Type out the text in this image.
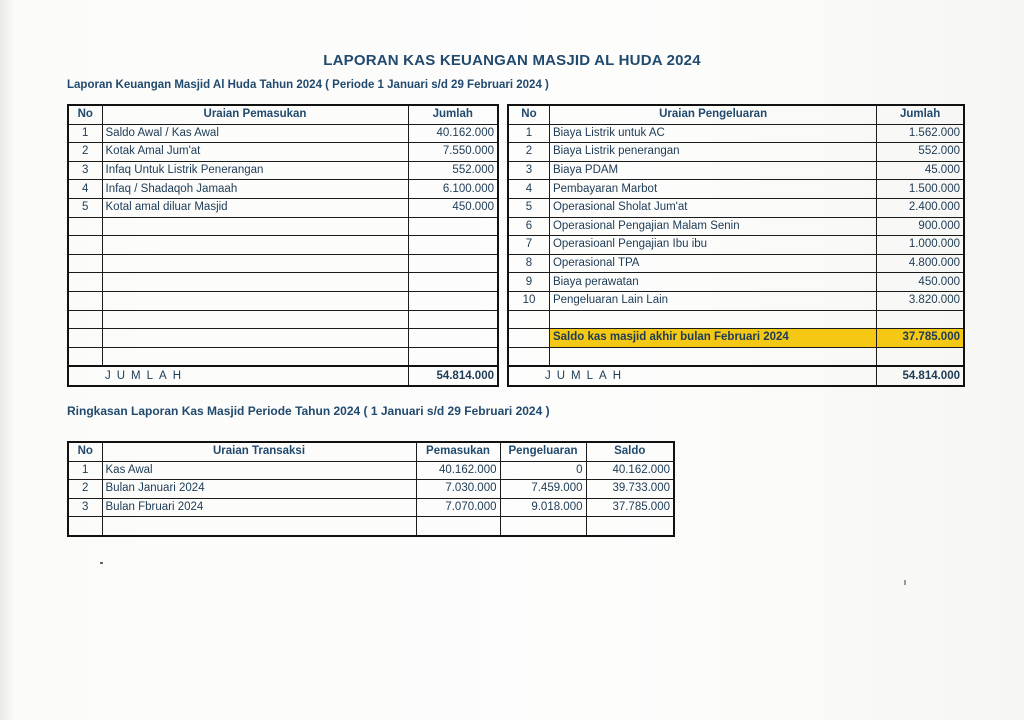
LAPORAN KAS KEUANGAN MASJID AL HUDA 2024
Laporan Keuangan Masjid Al Huda Tahun 2024 ( Periode 1 Januari s/d 29 Februari 2024 )
No	Uraian Pemasukan	Jumlah
1	Saldo Awal / Kas Awal	40.162.000
2	Kotak Amal Jum'at	7.550.000
3	Infaq Untuk Listrik Penerangan	552.000
4	Infaq / Shadaqoh Jamaah	6.100.000
5	Kotal amal diluar Masjid	450.000

JUMLAH		54.814.000
No	Uraian Pengeluaran	Jumlah
1	Biaya Listrik untuk AC	1.562.000
2	Biaya Listrik penerangan	552.000
3	Biaya PDAM	45.000
4	Pembayaran Marbot	1.500.000
5	Operasional Sholat Jum'at	2.400.000
6	Operasional Pengajian Malam Senin	900.000
7	Operasioanl Pengajian Ibu ibu	1.000.000
8	Operasional TPA	4.800.000
9	Biaya perawatan	450.000
10	Pengeluaran Lain Lain	3.820.000

	Saldo kas masjid akhir bulan Februari 2024	37.785.000

JUMLAH		54.814.000
Ringkasan Laporan Kas Masjid Periode Tahun 2024 ( 1 Januari s/d 29 Februari 2024 )
No	Uraian Transaksi	Pemasukan	Pengeluaran	Saldo
1	Kas Awal	40.162.000	0	40.162.000
2	Bulan Januari 2024	7.030.000	7.459.000	39.733.000
3	Bulan Fbruari 2024	7.070.000	9.018.000	37.785.000
